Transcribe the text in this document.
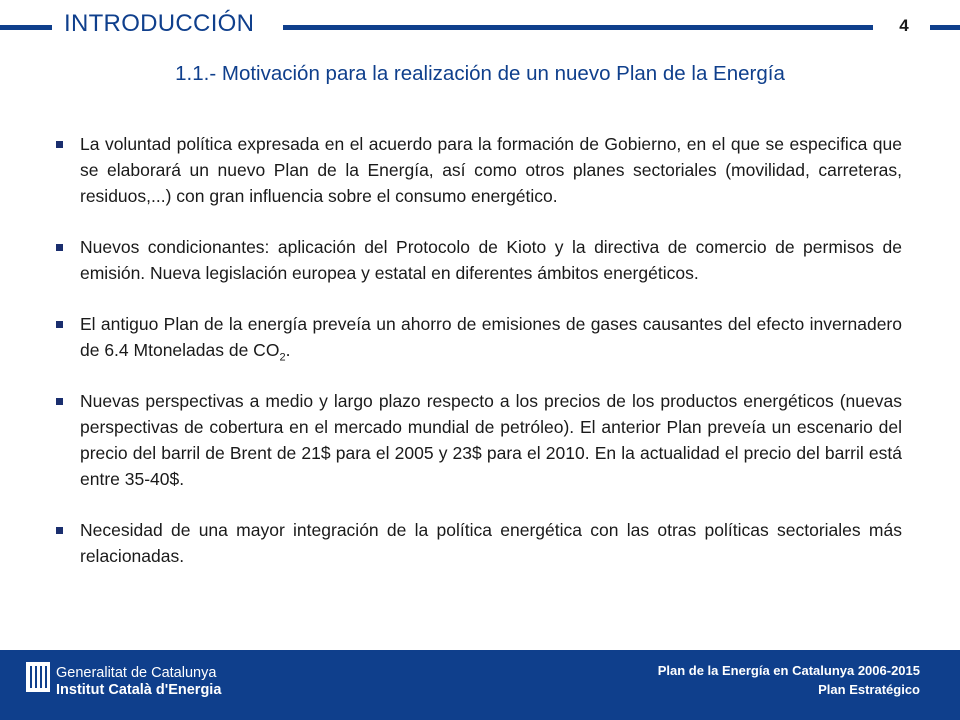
INTRODUCCIÓN	4
1.1.- Motivación para la realización de un nuevo Plan de la Energía
La voluntad política expresada en el acuerdo para la formación de Gobierno, en el que se especifica que se elaborará un nuevo Plan de la Energía, así como otros planes sectoriales (movilidad, carreteras, residuos,...) con gran influencia sobre el consumo energético.
Nuevos condicionantes: aplicación del Protocolo de Kioto y la directiva de comercio de permisos de emisión. Nueva legislación europea y estatal en diferentes ámbitos energéticos.
El antiguo Plan de la energía preveía un ahorro de emisiones de gases causantes del efecto invernadero de 6.4 Mtoneladas de $CO_2$.
Nuevas perspectivas a medio y largo plazo respecto a los precios de los productos energéticos (nuevas perspectivas de cobertura en el mercado mundial de petróleo). El anterior Plan preveía un escenario del precio del barril de Brent de 21$ para el 2005 y 23$ para el 2010. En la actualidad el precio del barril está entre 35-40$.
Necesidad de una mayor integración de la política energética con las otras políticas sectoriales más relacionadas.
Generalitat de Catalunya
Institut Català d'Energia
Plan de la Energía en Catalunya 2006-2015
Plan Estratégico
